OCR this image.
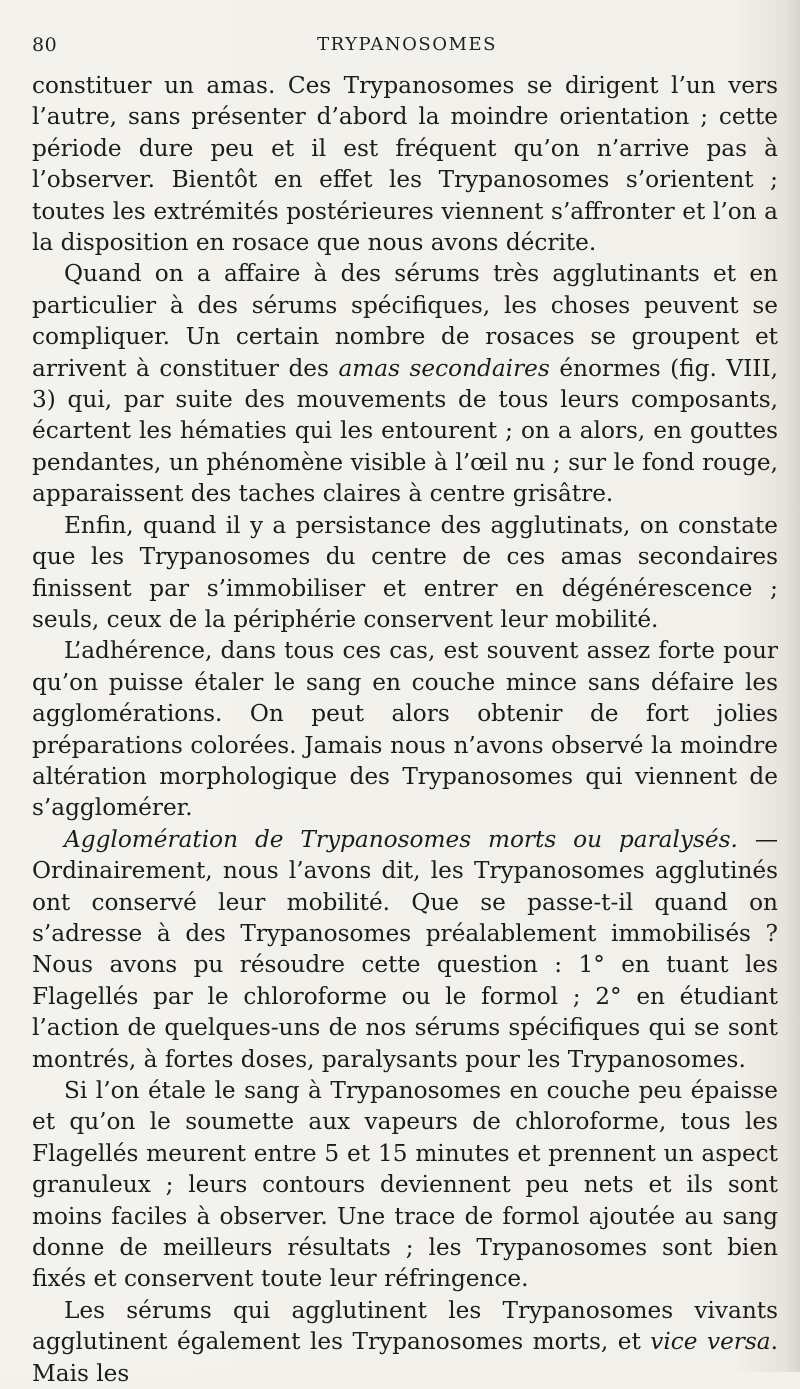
80	TRYPANOSOMES

constituer un amas. Ces Trypanosomes se dirigent l’un vers l’autre, sans présenter d’abord la moindre orientation ; cette période dure peu et il est fréquent qu’on n’arrive pas à l’observer. Bientôt en effet les Trypanosomes s’orientent ; toutes les extrémités postérieures viennent s’affronter et l’on a la disposition en rosace que nous avons décrite.

Quand on a affaire à des sérums très agglutinants et en particulier à des sérums spécifiques, les choses peuvent se compliquer. Un certain nombre de rosaces se groupent et arrivent à constituer des amas secondaires énormes (fig. VIII, 3) qui, par suite des mouvements de tous leurs composants, écartent les hématies qui les entourent ; on a alors, en gouttes pendantes, un phénomène visible à l’œil nu ; sur le fond rouge, apparaissent des taches claires à centre grisâtre.

Enfin, quand il y a persistance des agglutinats, on constate que les Trypanosomes du centre de ces amas secondaires finissent par s’immobiliser et entrer en dégénérescence ; seuls, ceux de la périphérie conservent leur mobilité.

L’adhérence, dans tous ces cas, est souvent assez forte pour qu’on puisse étaler le sang en couche mince sans défaire les agglomérations. On peut alors obtenir de fort jolies préparations colorées. Jamais nous n’avons observé la moindre altération morphologique des Trypanosomes qui viennent de s’agglomérer.

Agglomération de Trypanosomes morts ou paralysés. — Ordinairement, nous l’avons dit, les Trypanosomes agglutinés ont conservé leur mobilité. Que se passe-t-il quand on s’adresse à des Trypanosomes préalablement immobilisés ? Nous avons pu résoudre cette question : 1° en tuant les Flagellés par le chloroforme ou le formol ; 2° en étudiant l’action de quelques-uns de nos sérums spécifiques qui se sont montrés, à fortes doses, paralysants pour les Trypanosomes.

Si l’on étale le sang à Trypanosomes en couche peu épaisse et qu’on le soumette aux vapeurs de chloroforme, tous les Flagellés meurent entre 5 et 15 minutes et prennent un aspect granuleux ; leurs contours deviennent peu nets et ils sont moins faciles à observer. Une trace de formol ajoutée au sang donne de meilleurs résultats ; les Trypanosomes sont bien fixés et conservent toute leur réfringence.

Les sérums qui agglutinent les Trypanosomes vivants agglutinent également les Trypanosomes morts, et vice versa. Mais les
